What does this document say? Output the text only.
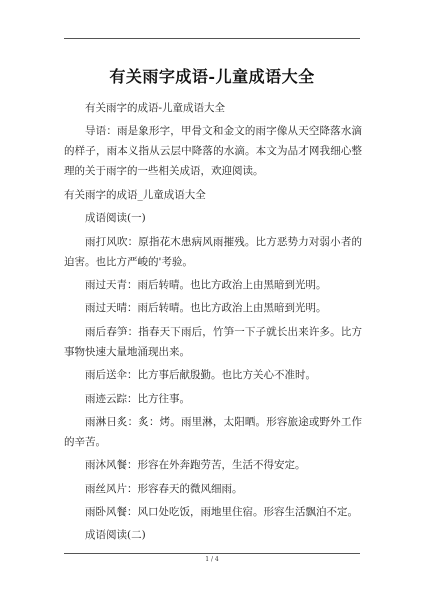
有关雨字成语-儿童成语大全

有关雨字的成语-儿童成语大全

导语：雨是象形字，甲骨文和金文的雨字像从天空降落水滴的样子，雨本义指从云层中降落的水滴。本文为品才网我细心整理的关于雨字的一些相关成语，欢迎阅读。

有关雨字的成语_儿童成语大全

成语阅读(一)

雨打风吹：原指花木患病风雨摧残。比方恶势力对弱小者的迫害。也比方严峻的'考验。

雨过天青：雨后转晴。也比方政治上由黑暗到光明。

雨过天晴：雨后转晴。也比方政治上由黑暗到光明。

雨后春笋：指春天下雨后，竹笋一下子就长出来许多。比方事物快速大量地涌现出来。

雨后送伞：比方事后献殷勤。也比方关心不准时。

雨迹云踪：比方往事。

雨淋日炙：炙：烤。雨里淋，太阳晒。形容旅途或野外工作的辛苦。

雨沐风餐：形容在外奔跑劳苦，生活不得安定。

雨丝风片：形容春天的微风细雨。

雨卧风餐：风口处吃饭，雨地里住宿。形容生活飘泊不定。

成语阅读(二)

1 / 4
